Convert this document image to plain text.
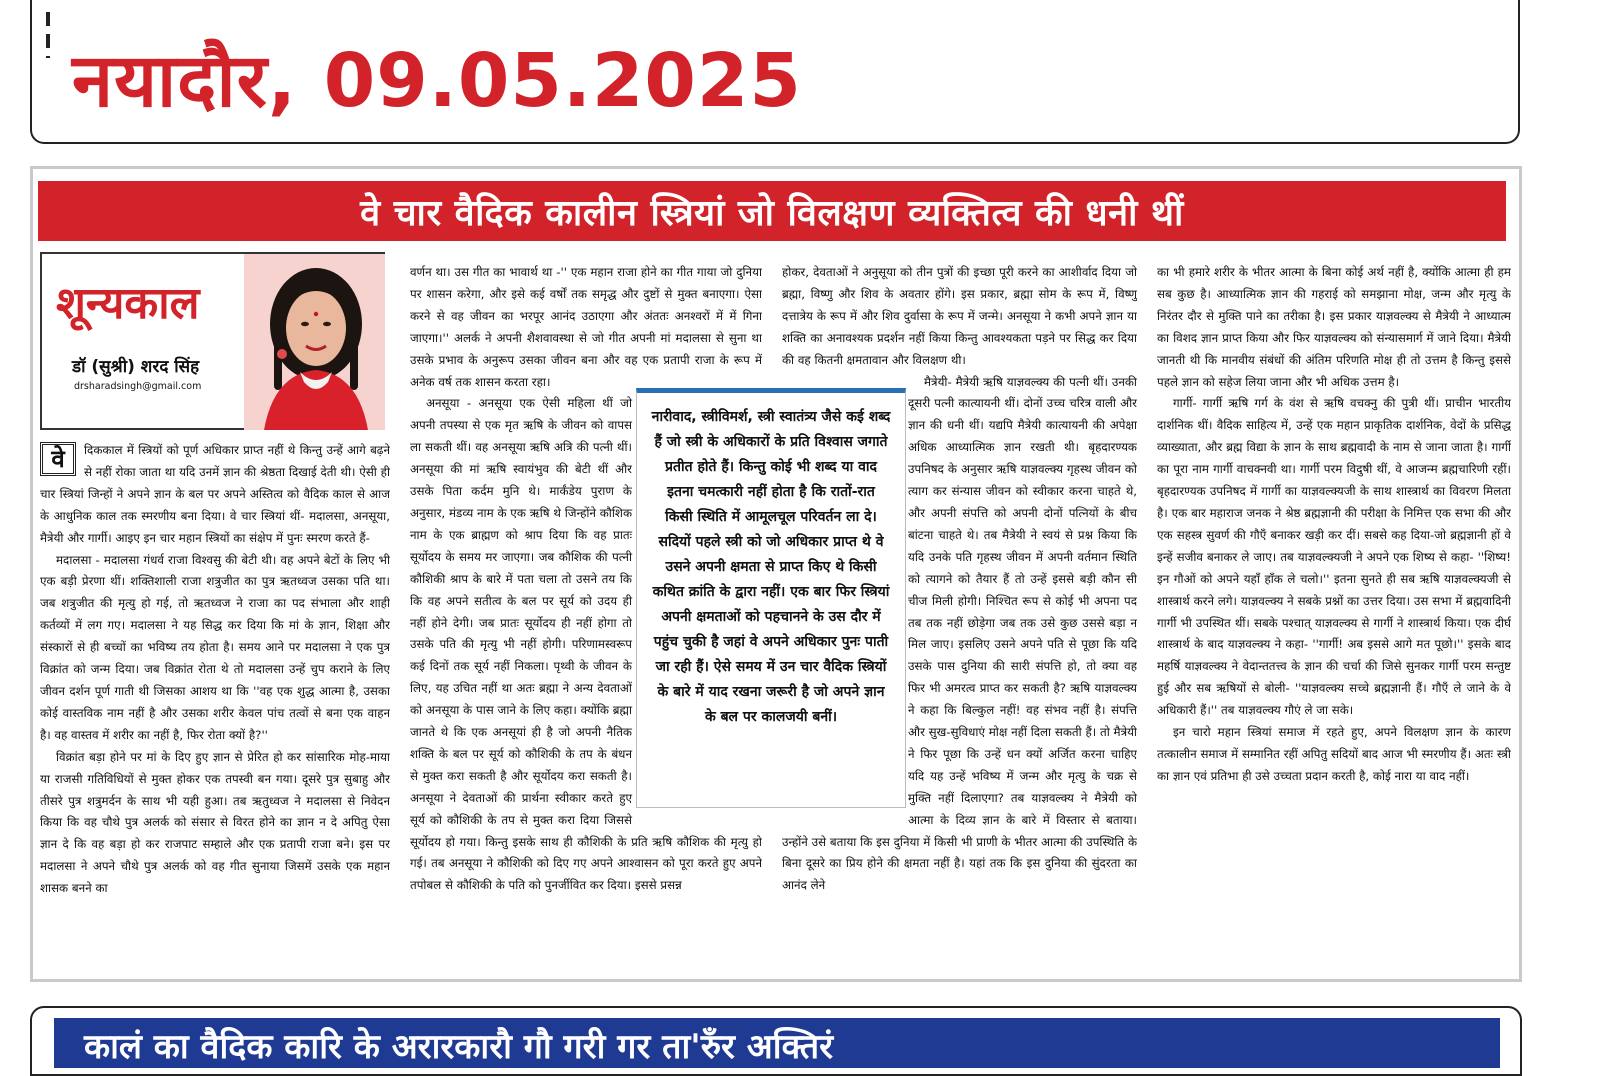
नयादौर, 09.05.2025
वे चार वैदिक कालीन स्त्रियां जो विलक्षण व्यक्तित्व की धनी थीं
शून्यकाल
डॉ (सुश्री) शरद सिंह
drsharadsingh@gmail.com
वे	दिककाल में स्त्रियों को पूर्ण अधिकार प्राप्त नहीं थे किन्तु उन्हें आगे बढ़ने से नहीं रोका जाता था यदि उनमें ज्ञान की श्रेष्ठता दिखाई देती थी। ऐसी ही चार स्त्रियां जिन्हों ने अपने ज्ञान के बल पर अपने अस्तित्व को वैदिक काल से आज के आधुनिक काल तक स्मरणीय बना दिया। वे चार स्त्रियां थीं- मदालसा, अनसूया, मैत्रेयी और गार्गी। आइए इन चार महान स्त्रियों का संक्षेप में पुनः स्मरण करते हैं-

मदालसा - मदालसा गंधर्व राजा विश्वसु की बेटी थी। वह अपने बेटों के लिए भी एक बड़ी प्रेरणा थीं। शक्तिशाली राजा शत्रुजीत का पुत्र ऋतध्वज उसका पति था। जब शत्रुजीत की मृत्यु हो गई, तो ऋतध्वज ने राजा का पद संभाला और शाही कर्तव्यों में लग गए। मदालसा ने यह सिद्ध कर दिया कि मां के ज्ञान, शिक्षा और संस्कारों से ही बच्चों का भविष्य तय होता है। समय आने पर मदालसा ने एक पुत्र विक्रांत को जन्म दिया। जब विक्रांत रोता थे तो मदालसा उन्हें चुप कराने के लिए जीवन दर्शन पूर्ण गाती थी जिसका आशय था कि ''वह एक शुद्ध आत्मा है, उसका कोई वास्तविक नाम नहीं है और उसका शरीर केवल पांच तत्वों से बना एक वाहन है। वह वास्तव में शरीर का नहीं है, फिर रोता क्यों है?''

विक्रांत बड़ा होने पर मां के दिए हुए ज्ञान से प्रेरित हो कर सांसारिक मोह-माया या राजसी गतिविधियों से मुक्त होकर एक तपस्वी बन गया। दूसरे पुत्र सुबाहु और तीसरे पुत्र शत्रुमर्दन के साथ भी यही हुआ। तब ऋतुध्वज ने मदालसा से निवेदन किया कि वह चौथे पुत्र अलर्क को संसार से विरत होने का ज्ञान न दे अपितु ऐसा ज्ञान दे कि वह बड़ा हो कर राजपाट सम्हाले और एक प्रतापी राजा बने। इस पर मदालसा ने अपने चौथे पुत्र अलर्क को वह गीत सुनाया जिसमें उसके एक महान शासक बनने का

वर्णन था। उस गीत का भावार्थ था -'' एक महान राजा होने का गीत गाया जो दुनिया पर शासन करेगा, और इसे कई वर्षों तक समृद्ध और दुष्टों से मुक्त बनाएगा। ऐसा करने से वह जीवन का भरपूर आनंद उठाएगा और अंततः अनश्वरों में में गिना जाएगा।'' अलर्क ने अपनी शैशवावस्था से जो गीत अपनी मां मदालसा से सुना था उसके प्रभाव के अनुरूप उसका जीवन बना और वह एक प्रतापी राजा के रूप में अनेक वर्ष तक शासन करता रहा।

अनसूया - अनसूया एक ऐसी महिला थीं जो अपनी तपस्या से एक मृत ऋषि के जीवन को वापस ला सकती थीं। वह अनसूया ऋषि अत्रि की पत्नी थीं। अनसूया की मां ऋषि स्वायंभुव की बेटी थीं और उसके पिता कर्दम मुनि थे। मार्कंडेय पुराण के अनुसार, मंडव्य नाम के एक ऋषि थे जिन्होंने कौशिक नाम के एक ब्राह्मण को श्राप दिया कि वह प्रातः सूर्योदय के समय मर जाएगा। जब कौशिक की पत्नी कौशिकी श्राप के बारे में पता चला तो उसने तय कि कि वह अपने सतीत्व के बल पर सूर्य को उदय ही नहीं होने देगी। जब प्रातः सूर्योदय ही नहीं होगा तो उसके पति की मृत्यु भी नहीं होगी। परिणामस्वरूप कई दिनों तक सूर्य नहीं निकला। पृथ्वी के जीवन के लिए, यह उचित नहीं था अतः ब्रह्मा ने अन्य देवताओं को अनसूया के पास जाने के लिए कहा। क्योंकि ब्रह्मा जानते थे कि एक अनसूयां ही है जो अपनी नैतिक शक्ति के बल पर सूर्य को कौशिकी के तप के बंधन से मुक्त करा सकती है और सूर्योदय करा सकती है। अनसूया ने देवताओं की प्रार्थना स्वीकार करते हुए सूर्य को कौशिकी के तप से मुक्त करा दिया जिससे सूर्योदय हो गया। किन्तु इसके साथ ही कौशिकी के प्रति ऋषि कौशिक की मृत्यु हो गई। तब अनसूया ने कौशिकी को दिए गए अपने आश्वासन को पूरा करते हुए अपने तपोबल से कौशिकी के पति को पुनर्जीवित कर दिया। इससे प्रसन्न

होकर, देवताओं ने अनुसूया को तीन पुत्रों की इच्छा पूरी करने का आशीर्वाद दिया जो ब्रह्मा, विष्णु और शिव के अवतार होंगे। इस प्रकार, ब्रह्मा सोम के रूप में, विष्णु दत्तात्रेय के रूप में और शिव दुर्वासा के रूप में जन्मे। अनसूया ने कभी अपने ज्ञान या शक्ति का अनावश्यक प्रदर्शन नहीं किया किन्तु आवश्यकता पड़ने पर सिद्ध कर दिया की वह कितनी क्षमतावान और विलक्षण थी।

मैत्रेयी- मैत्रेयी ऋषि याज्ञवल्क्य की पत्नी थीं। उनकी दूसरी पत्नी कात्यायनी थीं। दोनों उच्च चरित्र वाली और ज्ञान की धनी थीं। यद्यपि मैत्रेयी कात्यायनी की अपेक्षा अधिक आध्यात्मिक ज्ञान रखती थी। बृहदारण्यक उपनिषद के अनुसार ऋषि याज्ञवल्क्य गृहस्थ जीवन को त्याग कर संन्यास जीवन को स्वीकार करना चाहते थे, और अपनी संपत्ति को अपनी दोनों पत्नियों के बीच बांटना चाहते थे। तब मैत्रेयी ने स्वयं से प्रश्न किया कि यदि उनके पति गृहस्थ जीवन में अपनी वर्तमान स्थिति को त्यागने को तैयार हैं तो उन्हें इससे बड़ी कौन सी चीज मिली होगी। निश्चित रूप से कोई भी अपना पद तब तक नहीं छोड़ेगा जब तक उसे कुछ उससे बड़ा न मिल जाए। इसलिए उसने अपने पति से पूछा कि यदि उसके पास दुनिया की सारी संपत्ति हो, तो क्या वह फिर भी अमरत्व प्राप्त कर सकती है? ऋषि याज्ञवल्क्य ने कहा कि बिल्कुल नहीं! वह संभव नहीं है। संपत्ति और सुख-सुविधाएं मोक्ष नहीं दिला सकती हैं। तो मैत्रेयी ने फिर पूछा कि उन्हें धन क्यों अर्जित करना चाहिए यदि यह उन्हें भविष्य में जन्म और मृत्यु के चक्र से मुक्ति नहीं दिलाएगा? तब याज्ञवल्क्य ने मैत्रेयी को आत्मा के दिव्य ज्ञान के बारे में विस्तार से बताया। उन्होंने उसे बताया कि इस दुनिया में किसी भी प्राणी के भीतर आत्मा की उपस्थिति के बिना दूसरे का प्रिय होने की क्षमता नहीं है। यहां तक कि इस दुनिया की सुंदरता का आनंद लेने

का भी हमारे शरीर के भीतर आत्मा के बिना कोई अर्थ नहीं है, क्योंकि आत्मा ही हम सब कुछ है। आध्यात्मिक ज्ञान की गहराई को समझाना मोक्ष, जन्म और मृत्यु के निरंतर दौर से मुक्ति पाने का तरीका है। इस प्रकार याज्ञवल्क्य से मैत्रेयी ने आध्यात्म का विशद ज्ञान प्राप्त किया और फिर याज्ञवल्क्य को संन्यासमार्ग में जाने दिया। मैत्रेयी जानती थी कि मानवीय संबंधों की अंतिम परिणति मोक्ष ही तो उत्तम है किन्तु इससे पहले ज्ञान को सहेज लिया जाना और भी अधिक उत्तम है।

गार्गी- गार्गी ऋषि गर्ग के वंश से ऋषि वचक्नु की पुत्री थीं। प्राचीन भारतीय दार्शनिक थीं। वैदिक साहित्य में, उन्हें एक महान प्राकृतिक दार्शनिक, वेदों के प्रसिद्ध व्याख्याता, और ब्रह्म विद्या के ज्ञान के साथ ब्रह्मवादी के नाम से जाना जाता है। गार्गी का पूरा नाम गार्गी वाचक्नवी था। गार्गी परम विदुषी थीं, वे आजन्म ब्रह्मचारिणी रहीं। बृहदारण्यक उपनिषद में गार्गी का याज्ञवल्क्यजी के साथ शास्त्रार्थ का विवरण मिलता है। एक बार महाराज जनक ने श्रेष्ठ ब्रह्मज्ञानी की परीक्षा के निमित्त एक सभा की और एक सहस्त्र सुवर्ण की गौएँ बनाकर खड़ी कर दीं। सबसे कह दिया-जो ब्रह्मज्ञानी हों वे इन्हें सजीव बनाकर ले जाए। तब याज्ञवल्क्यजी ने अपने एक शिष्य से कहा- ''शिष्य! इन गौओं को अपने यहाँ हाँक ले चलो।'' इतना सुनते ही सब ऋषि याज्ञवल्क्यजी से शास्त्रार्थ करने लगे। याज्ञवल्क्य ने सबके प्रश्नों का उत्तर दिया। उस सभा में ब्रह्मवादिनी गार्गी भी उपस्थित थीं। सबके पश्चात् याज्ञवल्क्य से गार्गी ने शास्त्रार्थ किया। एक दीर्घ शास्त्रार्थ के बाद याज्ञवल्क्य ने कहा- ''गार्गी! अब इससे आगे मत पूछो।'' इसके बाद महर्षि याज्ञवल्क्य ने वेदान्ततत्त्व के ज्ञान की चर्चा की जिसे सुनकर गार्गी परम सन्तुष्ट हुई और सब ऋषियों से बोली- ''याज्ञवल्क्य सच्चे ब्रह्मज्ञानी हैं। गौएँ ले जाने के वे अधिकारी हैं।'' तब याज्ञवल्क्य गौएं ले जा सके।

इन चारो महान स्त्रियां समाज में रहते हुए, अपने विलक्षण ज्ञान के कारण तत्कालीन समाज में सम्मानित रहीं अपितु सदियों बाद आज भी स्मरणीय हैं। अतः स्त्री का ज्ञान एवं प्रतिभा ही उसे उच्चता प्रदान करती है, कोई नारा या वाद नहीं।

नारीवाद, स्त्रीविमर्श, स्त्री स्वातंत्र्य जैसे कई शब्द हैं जो स्त्री के अधिकारों के प्रति विश्वास जगाते प्रतीत होते हैं। किन्तु कोई भी शब्द या वाद इतना चमत्कारी नहीं होता है कि रातों-रात किसी स्थिति में आमूलचूल परिवर्तन ला दे। सदियों पहले स्त्री को जो अधिकार प्राप्त थे वे उसने अपनी क्षमता से प्राप्त किए थे किसी कथित क्रांति के द्वारा नहीं। एक बार फिर स्त्रियां अपनी क्षमताओं को पहचानने के उस दौर में पहुंच चुकी है जहां वे अपने अधिकार पुनः पाती जा रही हैं। ऐसे समय में उन चार वैदिक स्त्रियों के बारे में याद रखना जरूरी है जो अपने ज्ञान के बल पर कालजयी बनीं।

कालं का वैदिक कारि के अरारकारौ गौ गरी गर ता'रुँर अक्तिरं
